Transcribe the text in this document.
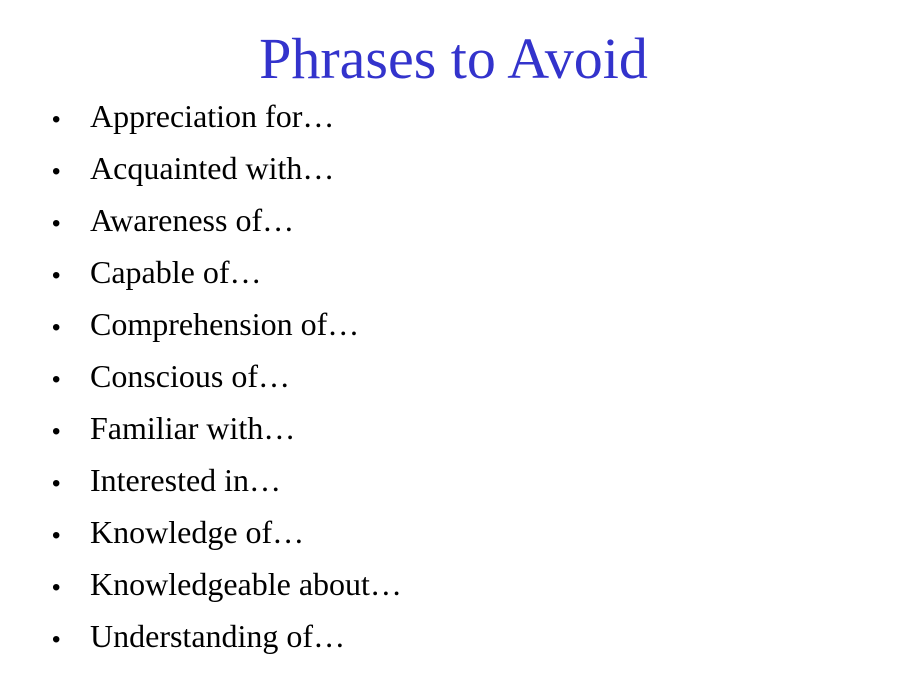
Phrases to Avoid
• Appreciation for…
• Acquainted with…
• Awareness of…
• Capable of…
• Comprehension of…
• Conscious of…
• Familiar with…
• Interested in…
• Knowledge of…
• Knowledgeable about…
• Understanding of…
